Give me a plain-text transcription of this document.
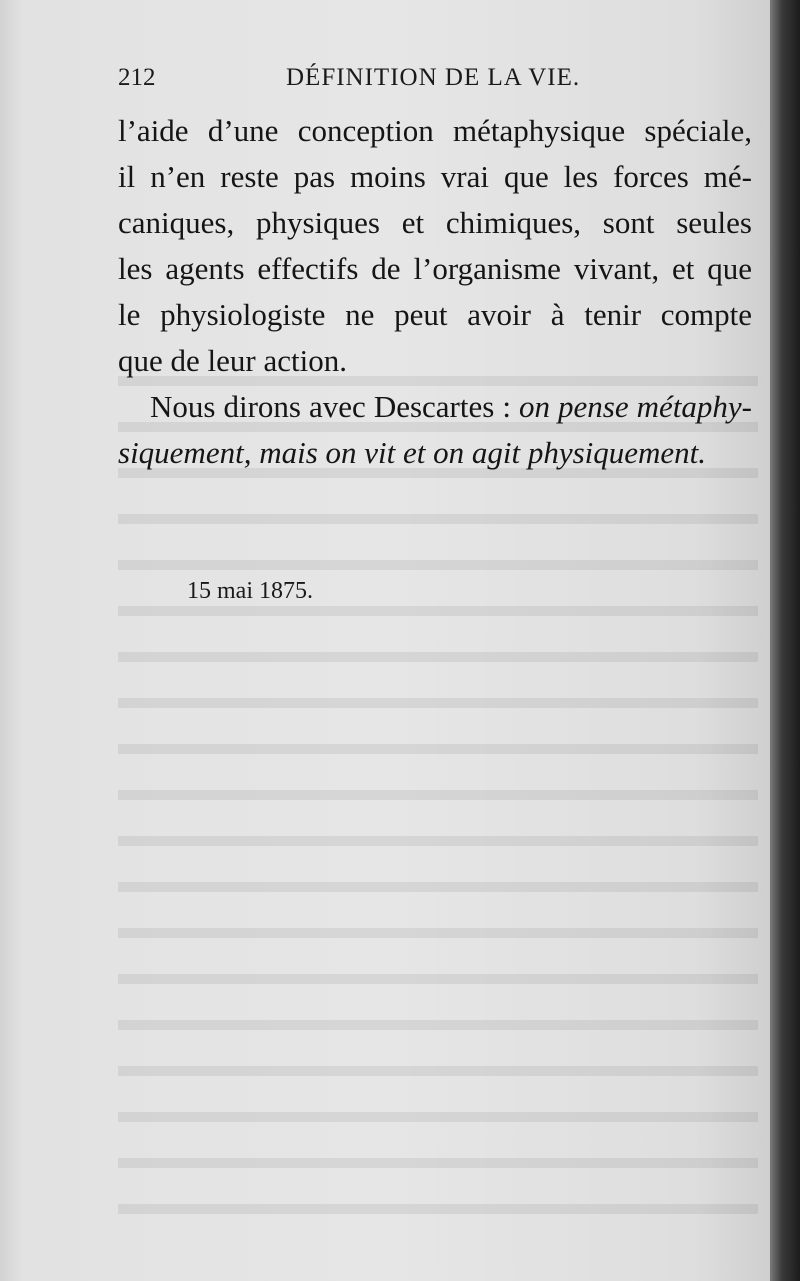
212	DÉFINITION DE LA VIE.
l’aide d’une conception métaphysique spéciale,
il n’en reste pas moins vrai que les forces mé-
caniques, physiques et chimiques, sont seules
les agents effectifs de l’organisme vivant, et que
le physiologiste ne peut avoir à tenir compte
que de leur action.
Nous dirons avec Descartes : on pense métaphy-
siquement, mais on vit et on agit physiquement.
15 mai 1875.
